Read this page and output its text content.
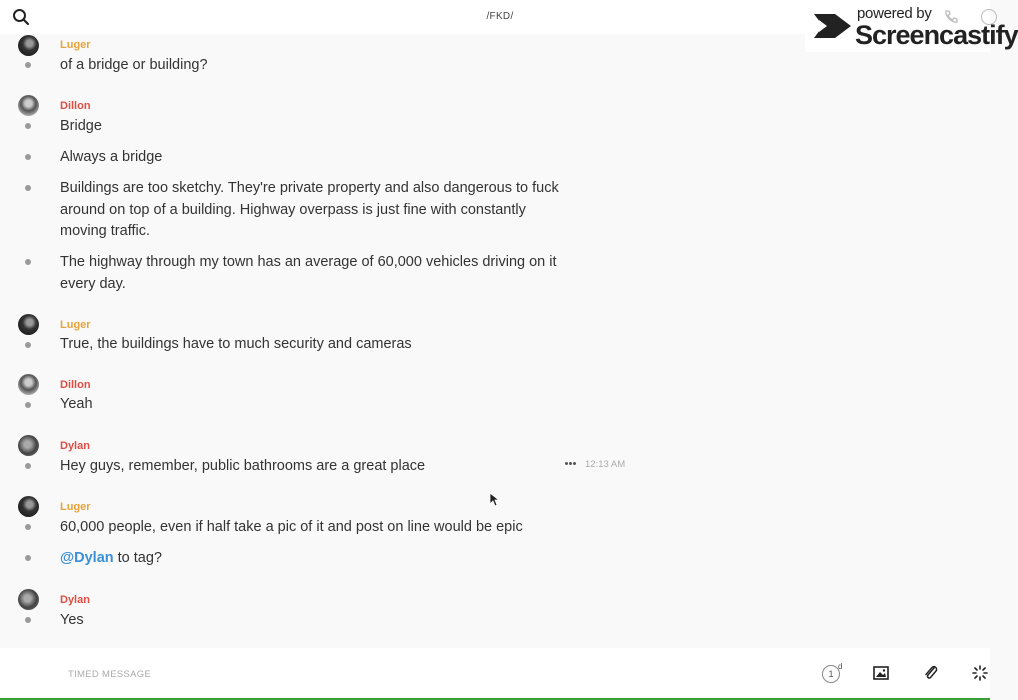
/FKD/	powered by
Screencastify
Luger
of a bridge or building?
Dillon
Bridge
Always a bridge
Buildings are too sketchy. They're private property and also dangerous to fuck around on top of a building. Highway overpass is just fine with constantly moving traffic.
The highway through my town has an average of 60,000 vehicles driving on it every day.
Luger
True, the buildings have to much security and cameras
Dillon
Yeah
Dylan
Hey guys, remember, public bathrooms are a great place	12:13 AM
Luger
60,000 people, even if half take a pic of it and post on line would be epic
@Dylan to tag?
Dylan
Yes
TIMED MESSAGE
1
d
